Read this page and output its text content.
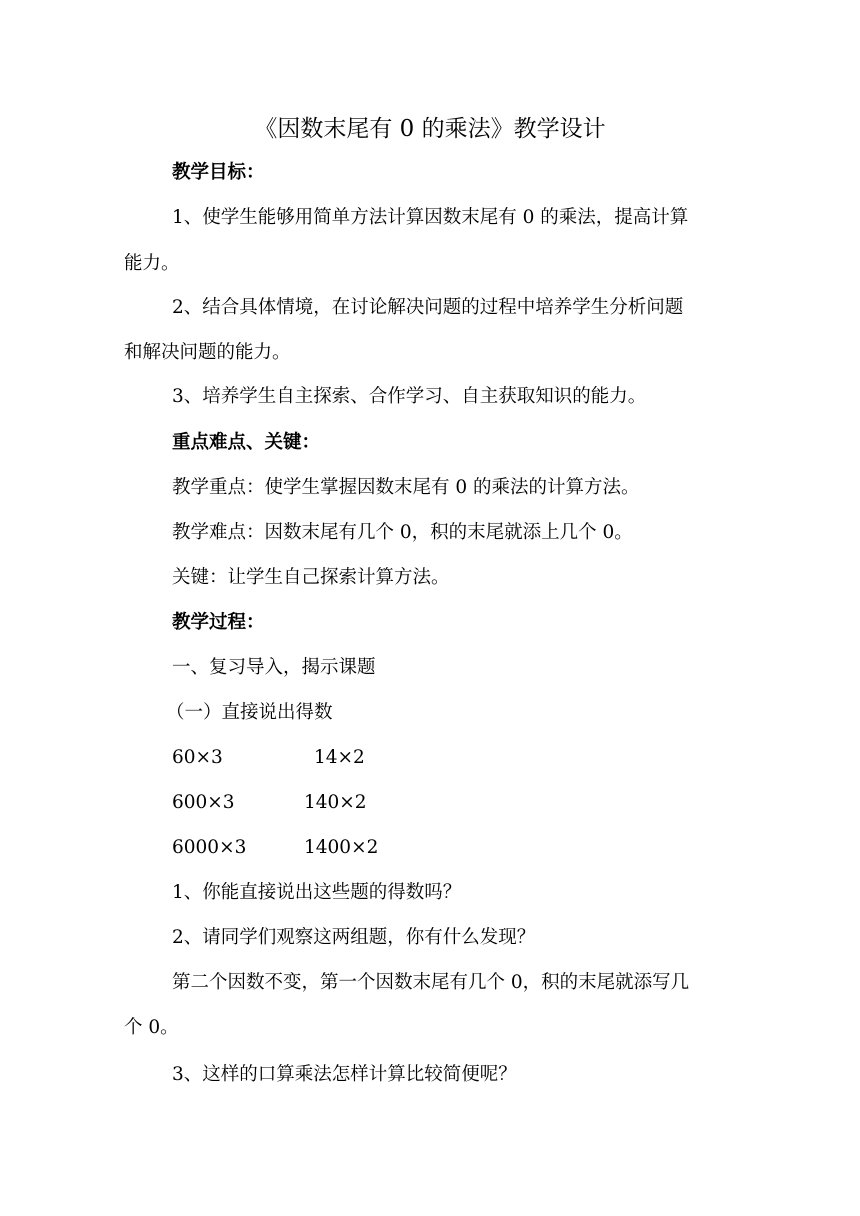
《因数末尾有 0 的乘法》教学设计
教学目标：
1、使学生能够用简单方法计算因数末尾有 0 的乘法，提高计算
能力。
2、结合具体情境，在讨论解决问题的过程中培养学生分析问题
和解决问题的能力。
3、培养学生自主探索、合作学习、自主获取知识的能力。
重点难点、关键：
教学重点：使学生掌握因数末尾有 0 的乘法的计算方法。
教学难点：因数末尾有几个 0，积的末尾就添上几个 0。
关键：让学生自己探索计算方法。
教学过程：
一、复习导入，揭示课题
（一）直接说出得数
60×3	14×2
600×3	140×2
6000×3	1400×2
1、你能直接说出这些题的得数吗？
2、请同学们观察这两组题，你有什么发现？
第二个因数不变，第一个因数末尾有几个 0，积的末尾就添写几
个 0。
3、这样的口算乘法怎样计算比较简便呢？
